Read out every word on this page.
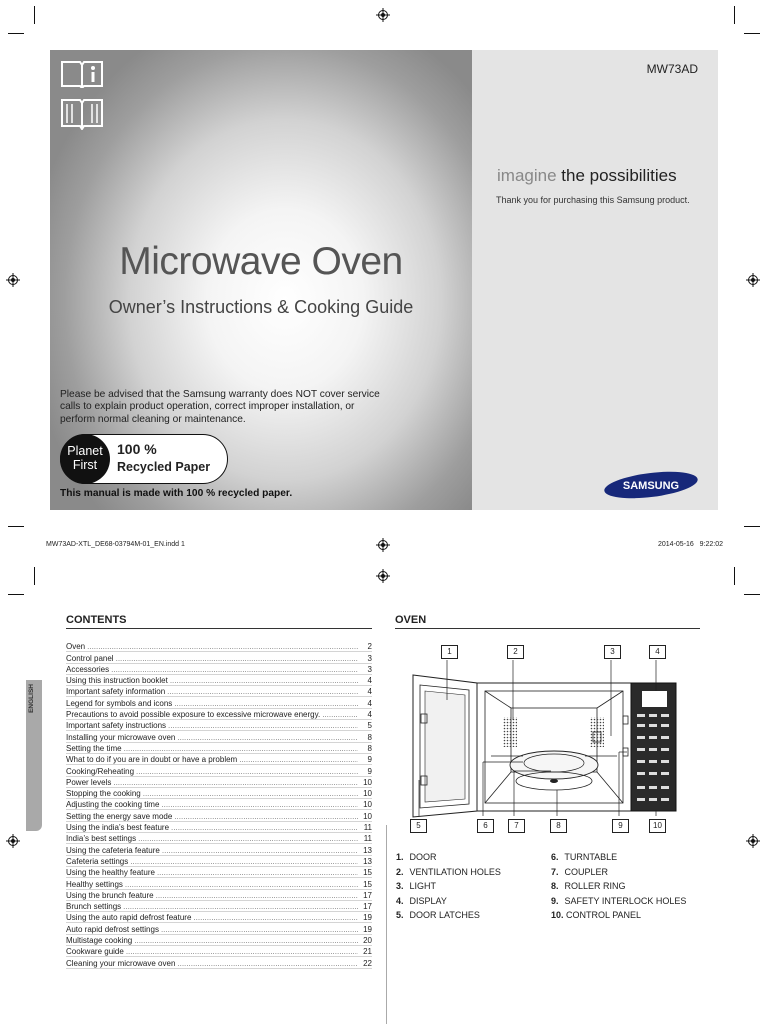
MW73AD
Microwave Oven
Owner’s Instructions & Cooking Guide
imagine the possibilities
Thank you for purchasing this Samsung product.
Please be advised that the Samsung warranty does NOT cover service calls to explain product operation, correct improper installation, or perform normal cleaning or maintenance.
Planet
First
100 %
Recycled Paper
This manual is made with 100 % recycled paper.
SAMSUNG
MW73AD-XTL_DE68-03794M-01_EN.indd 1	2014-05-16   9:22:02
CONTENTS
ENGLISH
Oven .....	2
Control panel .....	3
Accessories .....	3
Using this instruction booklet .....	4
Important safety information .....	4
Legend for symbols and icons .....	4
Precautions to avoid possible exposure to excessive microwave energy. .....	4
Important safety instructions .....	5
Installing your microwave oven .....	8
Setting the time .....	8
What to do if you are in doubt or have a problem .....	9
Cooking/Reheating .....	9
Power levels .....	10
Stopping the cooking .....	10
Adjusting the cooking time .....	10
Setting the energy save mode .....	10
Using the india’s best feature .....	11
India’s best settings .....	11
Using the cafeteria feature .....	13
Cafeteria settings .....	13
Using the healthy feature .....	15
Healthy settings .....	15
Using the brunch feature .....	17
Brunch settings .....	17
Using the auto rapid defrost feature .....	19
Auto rapid defrost settings .....	19
Multistage cooking .....	20
Cookware guide .....	21
Cleaning your microwave oven .....	22
OVEN
1	2	3	4
5	6	7	8	9	10
1. DOOR
2. VENTILATION HOLES
3. LIGHT
4. DISPLAY
5. DOOR LATCHES
6. TURNTABLE
7. COUPLER
8. ROLLER RING
9. SAFETY INTERLOCK HOLES
10. CONTROL PANEL
